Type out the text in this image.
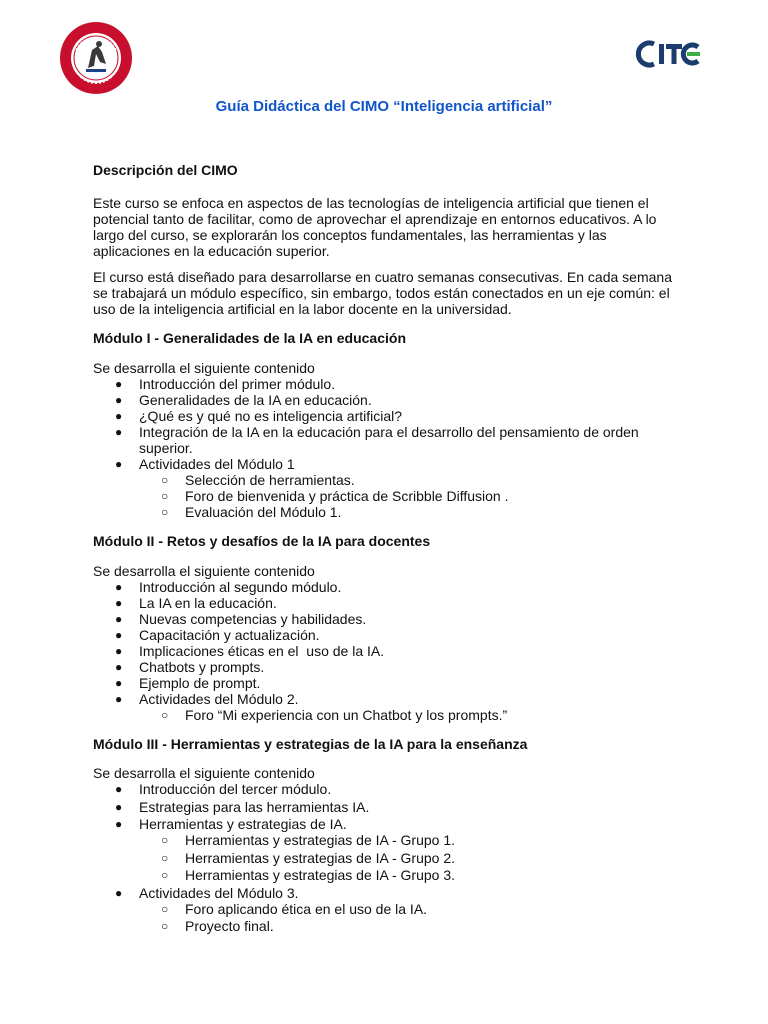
Guía Didáctica del CIMO “Inteligencia artificial”

Descripción del CIMO

Este curso se enfoca en aspectos de las tecnologías de inteligencia artificial que tienen el potencial tanto de facilitar, como de aprovechar el aprendizaje en entornos educativos. A lo largo del curso, se explorarán los conceptos fundamentales, las herramientas y las aplicaciones en la educación superior.

El curso está diseñado para desarrollarse en cuatro semanas consecutivas. En cada semana se trabajará un módulo específico, sin embargo, todos están conectados en un eje común: el uso de la inteligencia artificial en la labor docente en la universidad.

Módulo I - Generalidades de la IA en educación

Se desarrolla el siguiente contenido

● Introducción del primer módulo.
● Generalidades de la IA en educación.
● ¿Qué es y qué no es inteligencia artificial?
● Integración de la IA en la educación para el desarrollo del pensamiento de orden superior.
● Actividades del Módulo 1
○ Selección de herramientas.
○ Foro de bienvenida y práctica de Scribble Diffusion .
○ Evaluación del Módulo 1.

Módulo II - Retos y desafíos de la IA para docentes

Se desarrolla el siguiente contenido

● Introducción al segundo módulo.
● La IA en la educación.
● Nuevas competencias y habilidades.
● Capacitación y actualización.
● Implicaciones éticas en el  uso de la IA.
● Chatbots y prompts.
● Ejemplo de prompt.
● Actividades del Módulo 2.
○ Foro “Mi experiencia con un Chatbot y los prompts.”

Módulo III - Herramientas y estrategias de la IA para la enseñanza

Se desarrolla el siguiente contenido

● Introducción del tercer módulo.
● Estrategias para las herramientas IA.
● Herramientas y estrategias de IA.
○ Herramientas y estrategias de IA - Grupo 1.
○ Herramientas y estrategias de IA - Grupo 2.
○ Herramientas y estrategias de IA - Grupo 3.
● Actividades del Módulo 3.
○ Foro aplicando ética en el uso de la IA.
○ Proyecto final.
